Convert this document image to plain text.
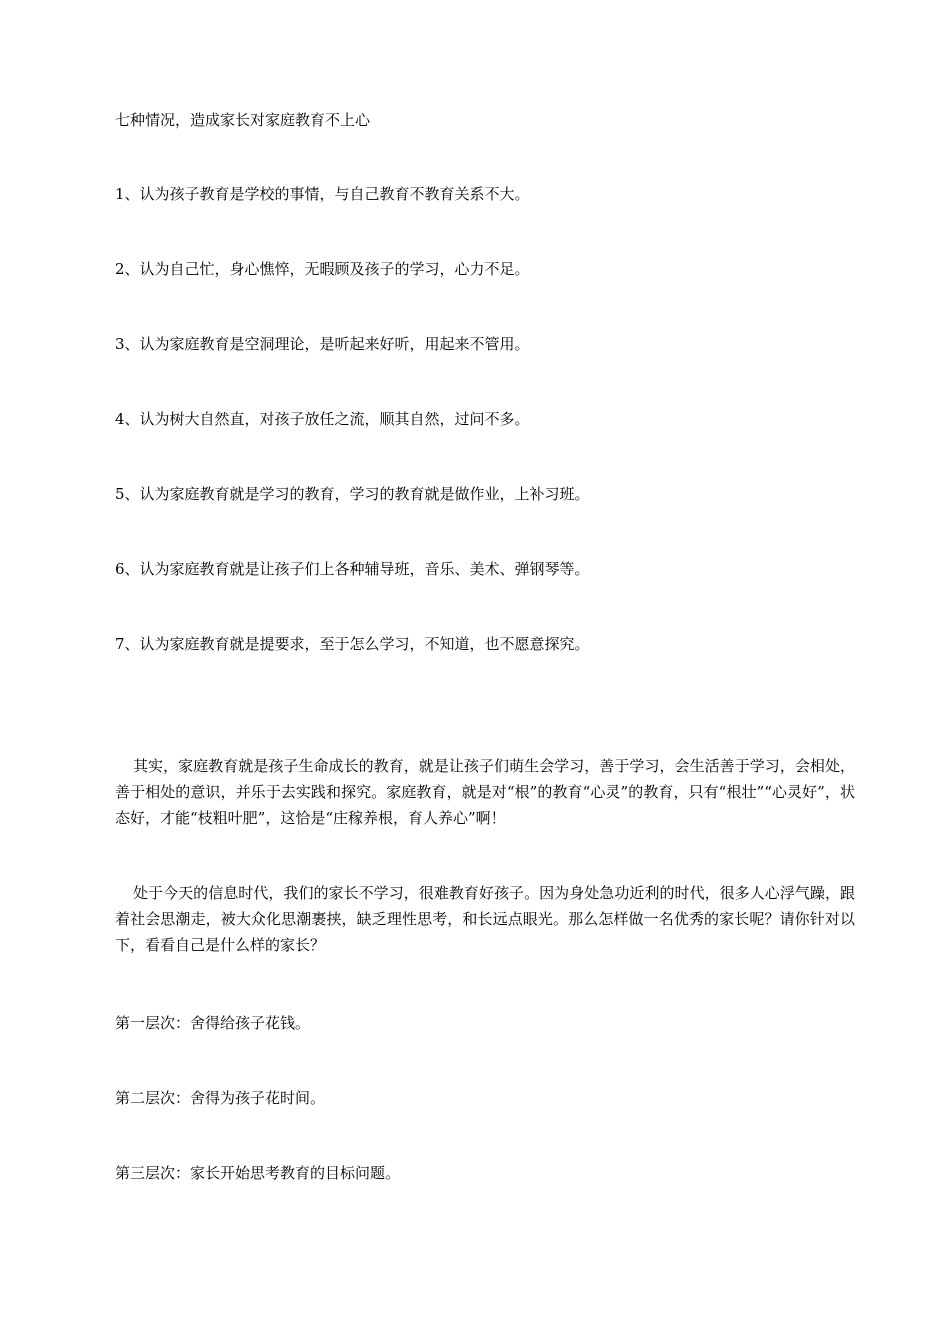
七种情况，造成家长对家庭教育不上心
1、认为孩子教育是学校的事情，与自己教育不教育关系不大。
2、认为自己忙，身心憔悴，无暇顾及孩子的学习，心力不足。
3、认为家庭教育是空洞理论，是听起来好听，用起来不管用。
4、认为树大自然直，对孩子放任之流，顺其自然，过问不多。
5、认为家庭教育就是学习的教育，学习的教育就是做作业，上补习班。
6、认为家庭教育就是让孩子们上各种辅导班，音乐、美术、弹钢琴等。
7、认为家庭教育就是提要求，至于怎么学习，不知道，也不愿意探究。
其实，家庭教育就是孩子生命成长的教育，就是让孩子们萌生会学习，善于学习，会生活善于学习，会相处，善于相处的意识，并乐于去实践和探究。家庭教育，就是对“根”的教育“心灵”的教育，只有“根壮”“心灵好”，状态好，才能“枝粗叶肥”，这恰是“庄稼养根，育人养心”啊！
处于今天的信息时代，我们的家长不学习，很难教育好孩子。因为身处急功近利的时代，很多人心浮气躁，跟着社会思潮走，被大众化思潮裹挟，缺乏理性思考，和长远点眼光。那么怎样做一名优秀的家长呢？请你针对以下，看看自己是什么样的家长？
第一层次：舍得给孩子花钱。
第二层次：舍得为孩子花时间。
第三层次：家长开始思考教育的目标问题。
